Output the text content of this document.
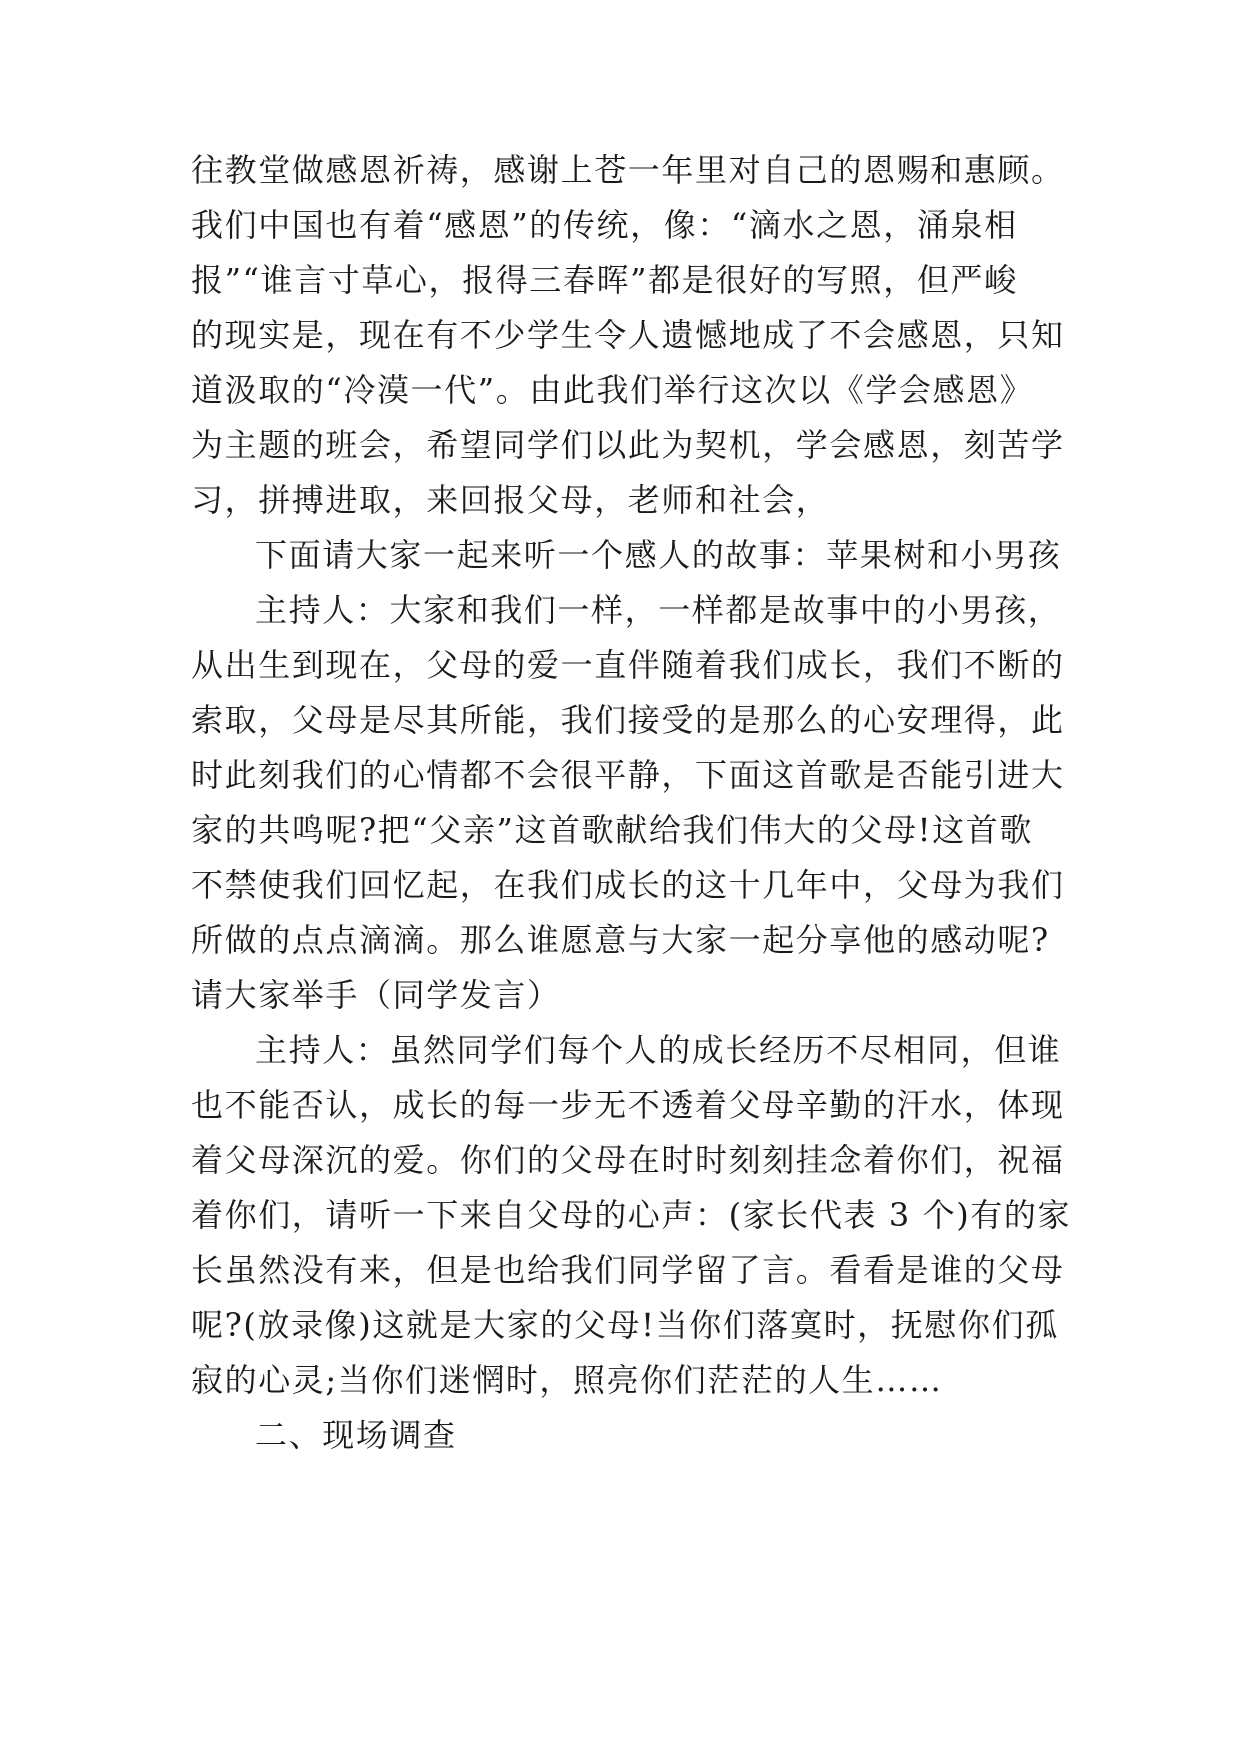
往教堂做感恩祈祷，感谢上苍一年里对自己的恩赐和惠顾。
我们中国也有着“感恩”的传统，像：“滴水之恩，涌泉相
报”“谁言寸草心，报得三春晖”都是很好的写照，但严峻
的现实是，现在有不少学生令人遗憾地成了不会感恩，只知
道汲取的“冷漠一代”。由此我们举行这次以《学会感恩》
为主题的班会，希望同学们以此为契机，学会感恩，刻苦学
习，拼搏进取，来回报父母，老师和社会，
下面请大家一起来听一个感人的故事：苹果树和小男孩
主持人：大家和我们一样，一样都是故事中的小男孩，
从出生到现在，父母的爱一直伴随着我们成长，我们不断的
索取，父母是尽其所能，我们接受的是那么的心安理得，此
时此刻我们的心情都不会很平静，下面这首歌是否能引进大
家的共鸣呢?把“父亲”这首歌献给我们伟大的父母!这首歌
不禁使我们回忆起，在我们成长的这十几年中，父母为我们
所做的点点滴滴。那么谁愿意与大家一起分享他的感动呢?
请大家举手（同学发言）
主持人：虽然同学们每个人的成长经历不尽相同，但谁
也不能否认，成长的每一步无不透着父母辛勤的汗水，体现
着父母深沉的爱。你们的父母在时时刻刻挂念着你们，祝福
着你们，请听一下来自父母的心声：(家长代表 3 个)有的家
长虽然没有来，但是也给我们同学留了言。看看是谁的父母
呢?(放录像)这就是大家的父母!当你们落寞时，抚慰你们孤
寂的心灵;当你们迷惘时，照亮你们茫茫的人生……
二、现场调查
